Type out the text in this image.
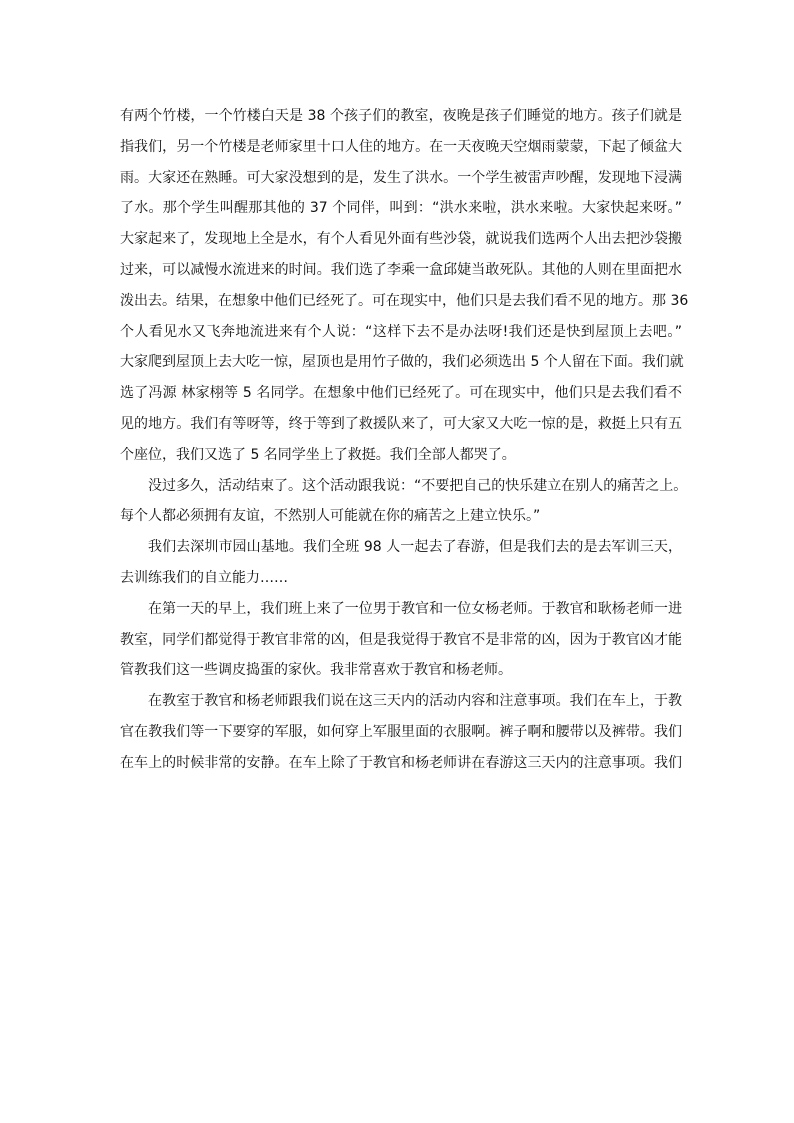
有两个竹楼，一个竹楼白天是 38 个孩子们的教室，夜晚是孩子们睡觉的地方。孩子们就是
指我们，另一个竹楼是老师家里十口人住的地方。在一天夜晚天空烟雨蒙蒙，下起了倾盆大
雨。大家还在熟睡。可大家没想到的是，发生了洪水。一个学生被雷声吵醒，发现地下浸满
了水。那个学生叫醒那其他的 37 个同伴，叫到：“洪水来啦，洪水来啦。大家快起来呀。”
大家起来了，发现地上全是水，有个人看见外面有些沙袋，就说我们选两个人出去把沙袋搬
过来，可以减慢水流进来的时间。我们选了李乘一盒邱婕当敢死队。其他的人则在里面把水
泼出去。结果，在想象中他们已经死了。可在现实中，他们只是去我们看不见的地方。那 36
个人看见水又飞奔地流进来有个人说：“这样下去不是办法呀!我们还是快到屋顶上去吧。”
大家爬到屋顶上去大吃一惊，屋顶也是用竹子做的，我们必须选出 5 个人留在下面。我们就
选了冯源 林家栩等 5 名同学。在想象中他们已经死了。可在现实中，他们只是去我们看不
见的地方。我们有等呀等，终于等到了救援队来了，可大家又大吃一惊的是，救挺上只有五
个座位，我们又选了 5 名同学坐上了救挺。我们全部人都哭了。

没过多久，活动结束了。这个活动跟我说：“不要把自己的快乐建立在别人的痛苦之上。
每个人都必须拥有友谊，不然别人可能就在你的痛苦之上建立快乐。”

我们去深圳市园山基地。我们全班 98 人一起去了春游，但是我们去的是去军训三天，
去训练我们的自立能力……

在第一天的早上，我们班上来了一位男于教官和一位女杨老师。于教官和耿杨老师一进
教室，同学们都觉得于教官非常的凶，但是我觉得于教官不是非常的凶，因为于教官凶才能
管教我们这一些调皮捣蛋的家伙。我非常喜欢于教官和杨老师。

在教室于教官和杨老师跟我们说在这三天内的活动内容和注意事项。我们在车上，于教
官在教我们等一下要穿的军服，如何穿上军服里面的衣服啊。裤子啊和腰带以及裤带。我们
在车上的时候非常的安静。在车上除了于教官和杨老师讲在春游这三天内的注意事项。我们
